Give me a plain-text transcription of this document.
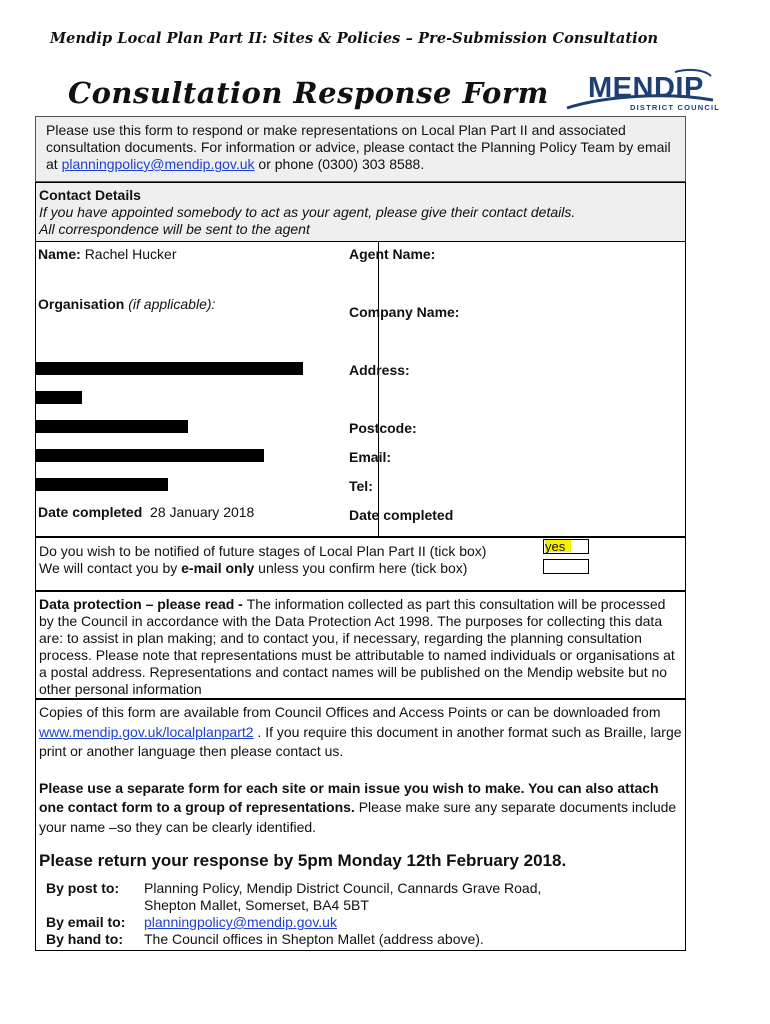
Mendip Local Plan Part II: Sites & Policies – Pre-Submission Consultation
Consultation Response Form MENDIP
DISTRICT COUNCIL
Please use this form to respond or make representations on Local Plan Part II and associated consultation documents. For information or advice, please contact the Planning Policy Team by email at planningpolicy@mendip.gov.uk or phone (0300) 303 8588.
Contact Details
If you have appointed somebody to act as your agent, please give their contact details.
All correspondence will be sent to the agent
Name: Rachel Hucker
Organisation (if applicable):
Date completed 28 January 2018
Agent Name:
Company Name:
Address:
Postcode:
Email:
Tel:
Date completed
Do you wish to be notified of future stages of Local Plan Part II (tick box)
We will contact you by e-mail only unless you confirm here (tick box)
yes
Data protection – please read - The information collected as part this consultation will be processed by the Council in accordance with the Data Protection Act 1998. The purposes for collecting this data are: to assist in plan making; and to contact you, if necessary, regarding the planning consultation process. Please note that representations must be attributable to named individuals or organisations at a postal address. Representations and contact names will be published on the Mendip website but no other personal information
Copies of this form are available from Council Offices and Access Points or can be downloaded from www.mendip.gov.uk/localplanpart2 . If you require this document in another format such as Braille, large print or another language then please contact us.
Please use a separate form for each site or main issue you wish to make. You can also attach one contact form to a group of representations. Please make sure any separate documents include your name –so they can be clearly identified.
Please return your response by 5pm Monday 12th February 2018.
By post to: Planning Policy, Mendip District Council, Cannards Grave Road,
Shepton Mallet, Somerset, BA4 5BT
By email to: planningpolicy@mendip.gov.uk
By hand to: The Council offices in Shepton Mallet (address above).
